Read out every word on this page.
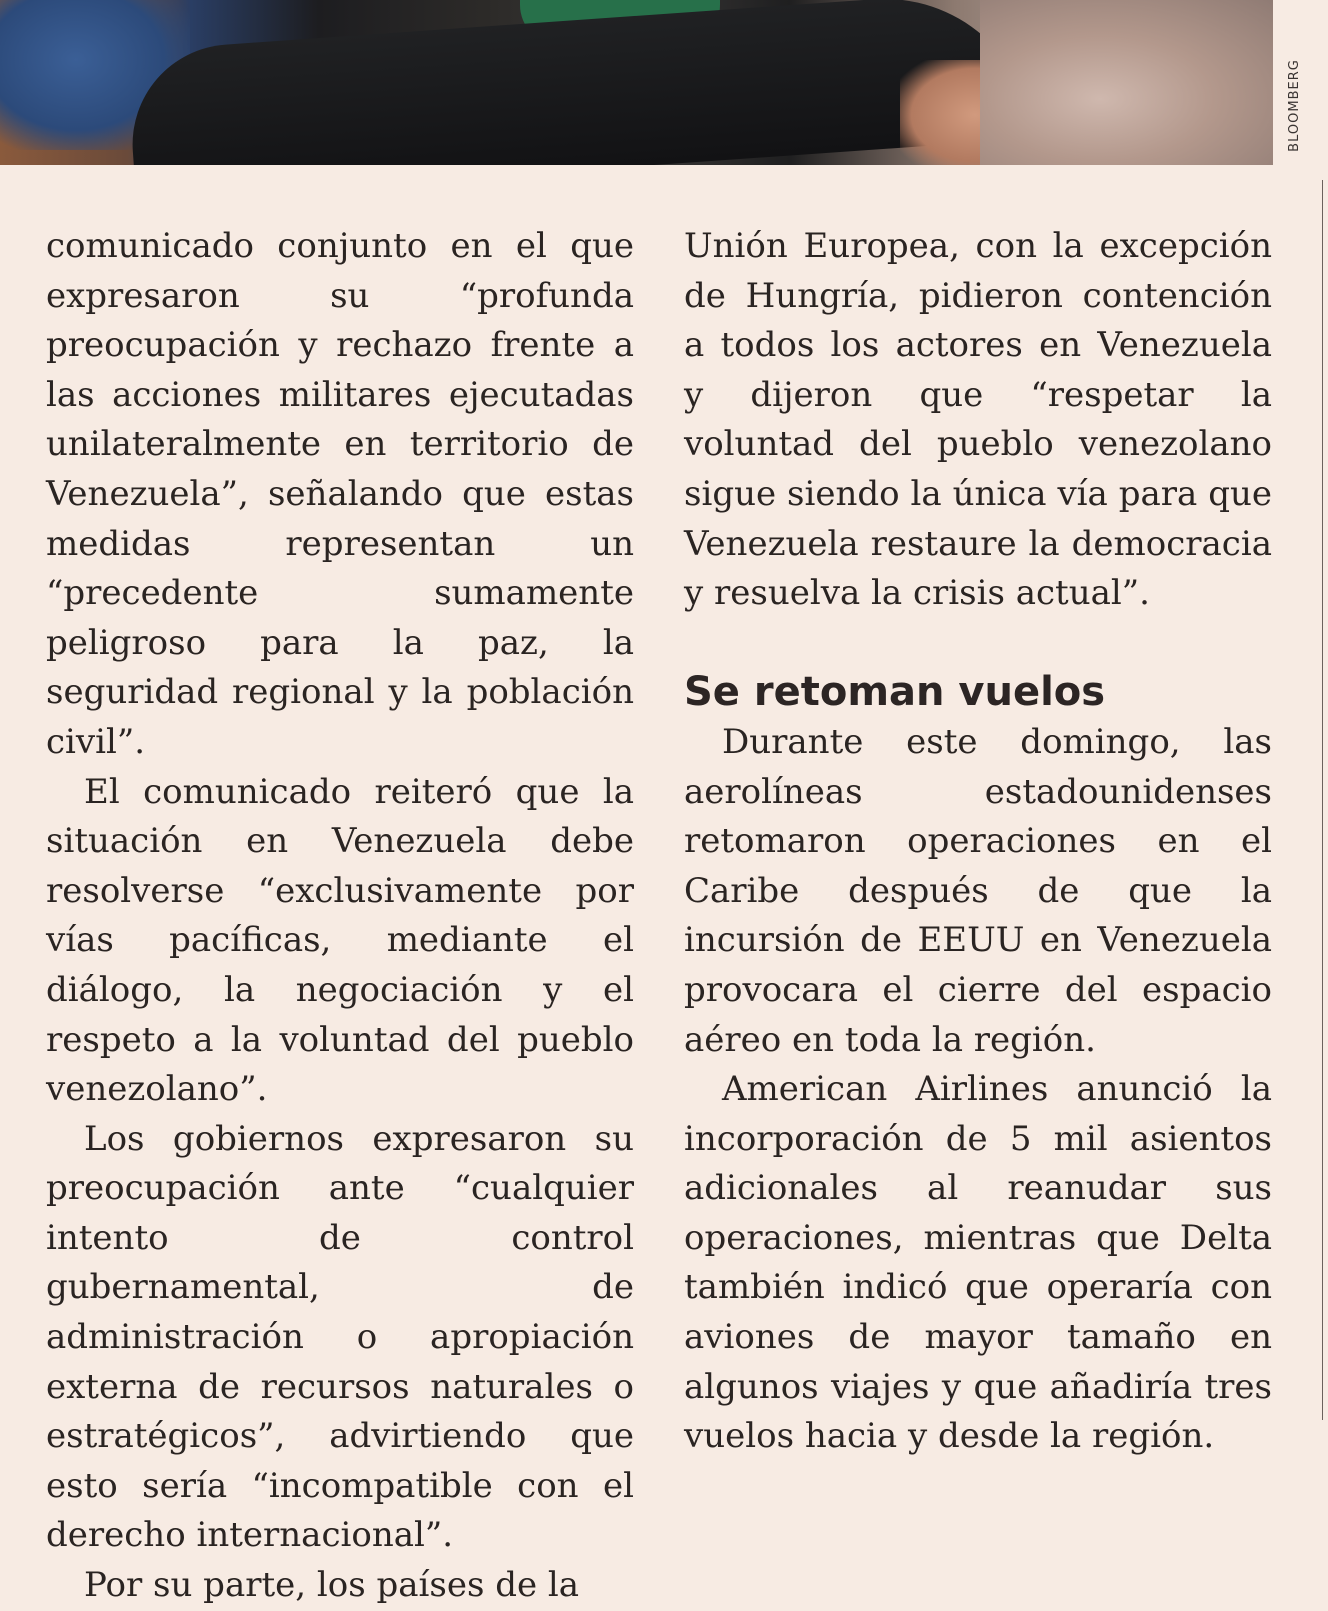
BLOOMBERG

comunicado conjunto en el que expresaron su “profunda preocupación y rechazo frente a las acciones militares ejecutadas unilateralmente en territorio de Venezuela”, señalando que estas medidas representan un “precedente sumamente peligroso para la paz, la seguridad regional y la población civil”.

El comunicado reiteró que la situación en Venezuela debe resolverse “exclusivamente por vías pacíficas, mediante el diálogo, la negociación y el respeto a la voluntad del pueblo venezolano”.

Los gobiernos expresaron su preocupación ante “cualquier intento de control gubernamental, de administración o apropiación externa de recursos naturales o estratégicos”, advirtiendo que esto sería “incompatible con el derecho internacional”.

Por su parte, los países de la

Unión Europea, con la excepción de Hungría, pidieron contención a todos los actores en Venezuela y dijeron que “respetar la voluntad del pueblo venezolano sigue siendo la única vía para que Venezuela restaure la democracia y resuelva la crisis actual”.

Se retoman vuelos

Durante este domingo, las aerolíneas estadounidenses retomaron operaciones en el Caribe después de que la incursión de EEUU en Venezuela provocara el cierre del espacio aéreo en toda la región.

American Airlines anunció la incorporación de 5 mil asientos adicionales al reanudar sus operaciones, mientras que Delta también indicó que operaría con aviones de mayor tamaño en algunos viajes y que añadiría tres vuelos hacia y desde la región.
